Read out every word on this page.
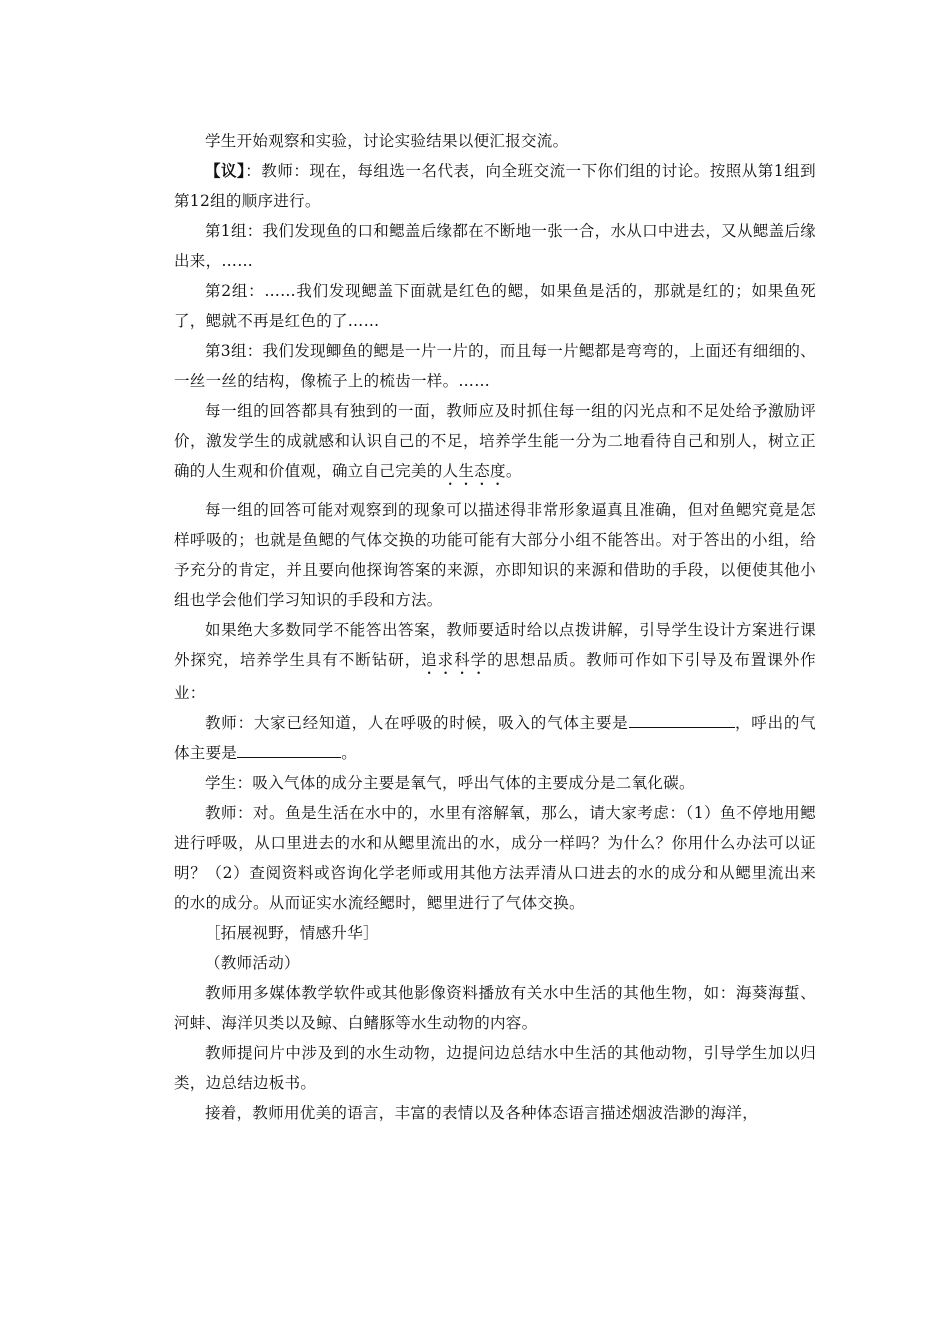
学生开始观察和实验，讨论实验结果以便汇报交流。

【议】：教师：现在，每组选一名代表，向全班交流一下你们组的讨论。按照从第1组到第12组的顺序进行。

第1组：我们发现鱼的口和鳃盖后缘都在不断地一张一合，水从口中进去，又从鳃盖后缘出来，……

第2组：……我们发现鳃盖下面就是红色的鳃，如果鱼是活的，那就是红的；如果鱼死了，鳃就不再是红色的了……

第3组：我们发现鲫鱼的鳃是一片一片的，而且每一片鳃都是弯弯的，上面还有细细的、一丝一丝的结构，像梳子上的梳齿一样。……

每一组的回答都具有独到的一面，教师应及时抓住每一组的闪光点和不足处给予激励评价，激发学生的成就感和认识自己的不足，培养学生能一分为二地看待自己和别人，树立正确的人生观和价值观，确立自己完美的人生态度。

每一组的回答可能对观察到的现象可以描述得非常形象逼真且准确，但对鱼鳃究竟是怎样呼吸的；也就是鱼鳃的气体交换的功能可能有大部分小组不能答出。对于答出的小组，给予充分的肯定，并且要向他探询答案的来源，亦即知识的来源和借助的手段，以便使其他小组也学会他们学习知识的手段和方法。

如果绝大多数同学不能答出答案，教师要适时给以点拨讲解，引导学生设计方案进行课外探究，培养学生具有不断钻研，追求科学的思想品质。教师可作如下引导及布置课外作业：

教师：大家已经知道，人在呼吸的时候，吸入的气体主要是	，呼出的气体主要是	。

学生：吸入气体的成分主要是氧气，呼出气体的主要成分是二氧化碳。

教师：对。鱼是生活在水中的，水里有溶解氧，那么，请大家考虑：（1）鱼不停地用鳃进行呼吸，从口里进去的水和从鳃里流出的水，成分一样吗？为什么？你用什么办法可以证明？（2）查阅资料或咨询化学老师或用其他方法弄清从口进去的水的成分和从鳃里流出来的水的成分。从而证实水流经鳃时，鳃里进行了气体交换。

［拓展视野，情感升华］

（教师活动）

教师用多媒体教学软件或其他影像资料播放有关水中生活的其他生物，如：海葵海蜇、河蚌、海洋贝类以及鲸、白鳍豚等水生动物的内容。

教师提问片中涉及到的水生动物，边提问边总结水中生活的其他动物，引导学生加以归类，边总结边板书。

接着，教师用优美的语言，丰富的表情以及各种体态语言描述烟波浩渺的海洋，
